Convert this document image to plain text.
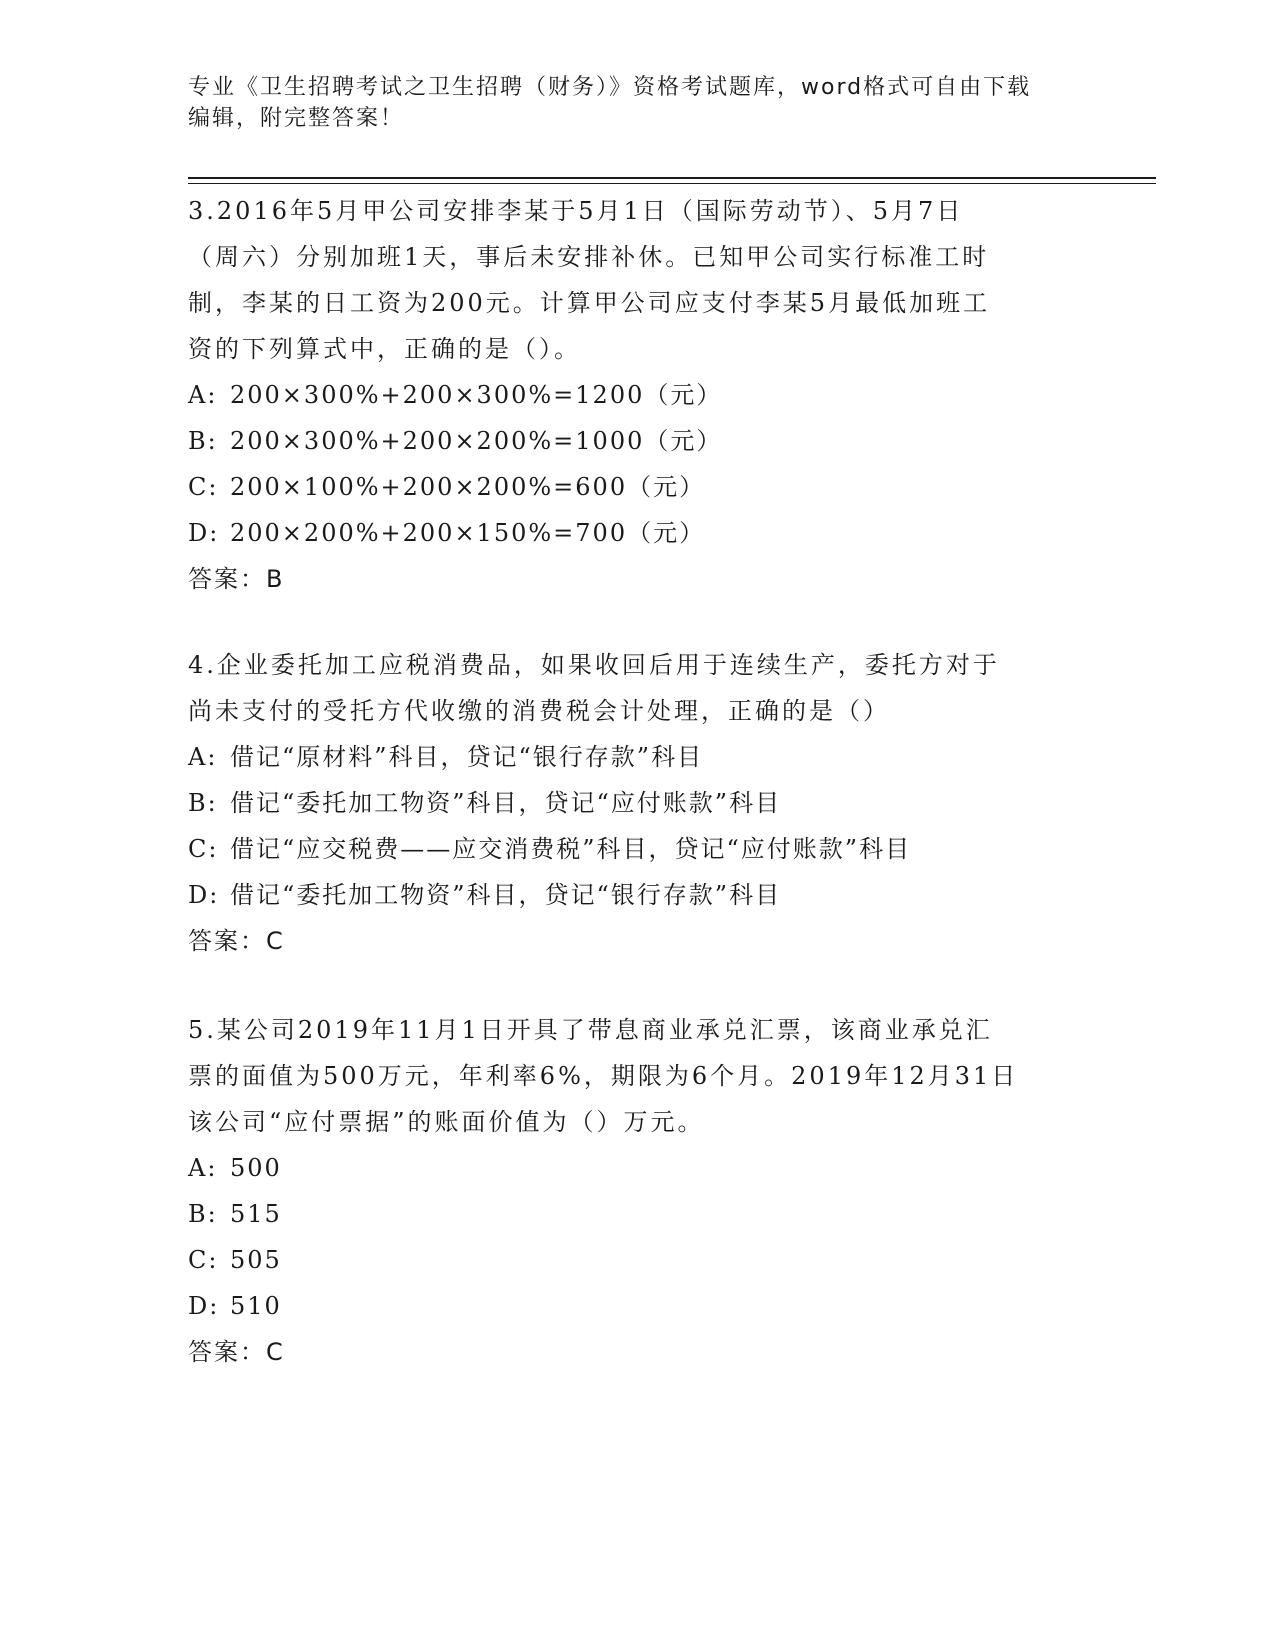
专业《卫生招聘考试之卫生招聘（财务）》资格考试题库，word格式可自由下载
编辑，附完整答案！

3.2016年5月甲公司安排李某于5月1日（国际劳动节）、5月7日
（周六）分别加班1天，事后未安排补休。已知甲公司实行标准工时
制，李某的日工资为200元。计算甲公司应支付李某5月最低加班工
资的下列算式中，正确的是（）。

A: 200×300%+200×300%=1200（元）
B: 200×300%+200×200%=1000（元）
C: 200×100%+200×200%=600（元）
D: 200×200%+200×150%=700（元）
答案：B

4.企业委托加工应税消费品，如果收回后用于连续生产，委托方对于
尚未支付的受托方代收缴的消费税会计处理，正确的是（）

A: 借记“原材料”科目，贷记“银行存款”科目
B: 借记“委托加工物资”科目，贷记“应付账款”科目
C: 借记“应交税费——应交消费税”科目，贷记“应付账款”科目
D: 借记“委托加工物资”科目，贷记“银行存款”科目
答案：C

5.某公司2019年11月1日开具了带息商业承兑汇票，该商业承兑汇
票的面值为500万元，年利率6%，期限为6个月。2019年12月31日
该公司“应付票据”的账面价值为（）万元。

A: 500
B: 515
C: 505
D: 510
答案：C
